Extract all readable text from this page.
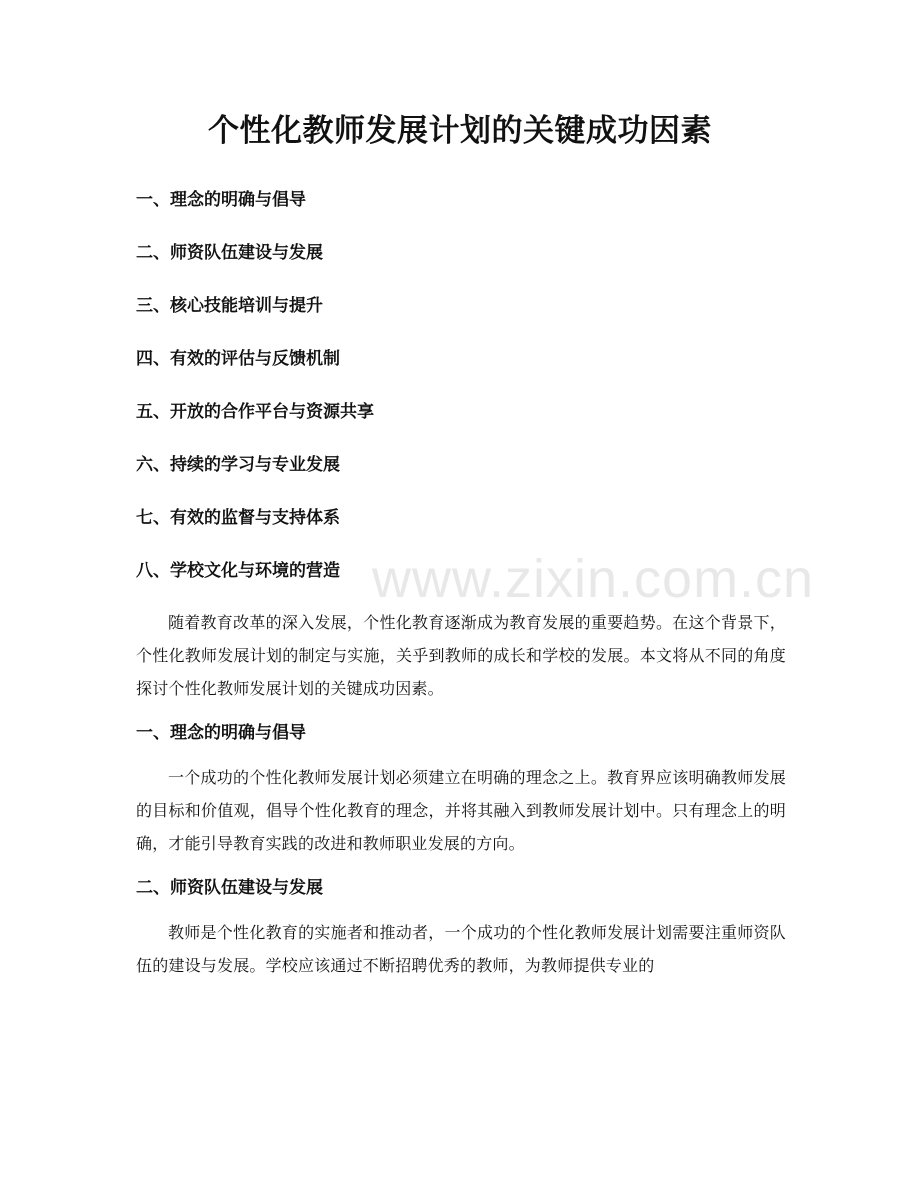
个性化教师发展计划的关键成功因素
一、理念的明确与倡导
二、师资队伍建设与发展
三、核心技能培训与提升
四、有效的评估与反馈机制
五、开放的合作平台与资源共享
六、持续的学习与专业发展
七、有效的监督与支持体系
八、学校文化与环境的营造

随着教育改革的深入发展，个性化教育逐渐成为教育发展的重要趋势。在这个背景下，个性化教师发展计划的制定与实施，关乎到教师的成长和学校的发展。本文将从不同的角度探讨个性化教师发展计划的关键成功因素。

一、理念的明确与倡导

一个成功的个性化教师发展计划必须建立在明确的理念之上。教育界应该明确教师发展的目标和价值观，倡导个性化教育的理念，并将其融入到教师发展计划中。只有理念上的明确，才能引导教育实践的改进和教师职业发展的方向。

二、师资队伍建设与发展

教师是个性化教育的实施者和推动者，一个成功的个性化教师发展计划需要注重师资队伍的建设与发展。学校应该通过不断招聘优秀的教师，为教师提供专业的

www.zixin.com.cn
